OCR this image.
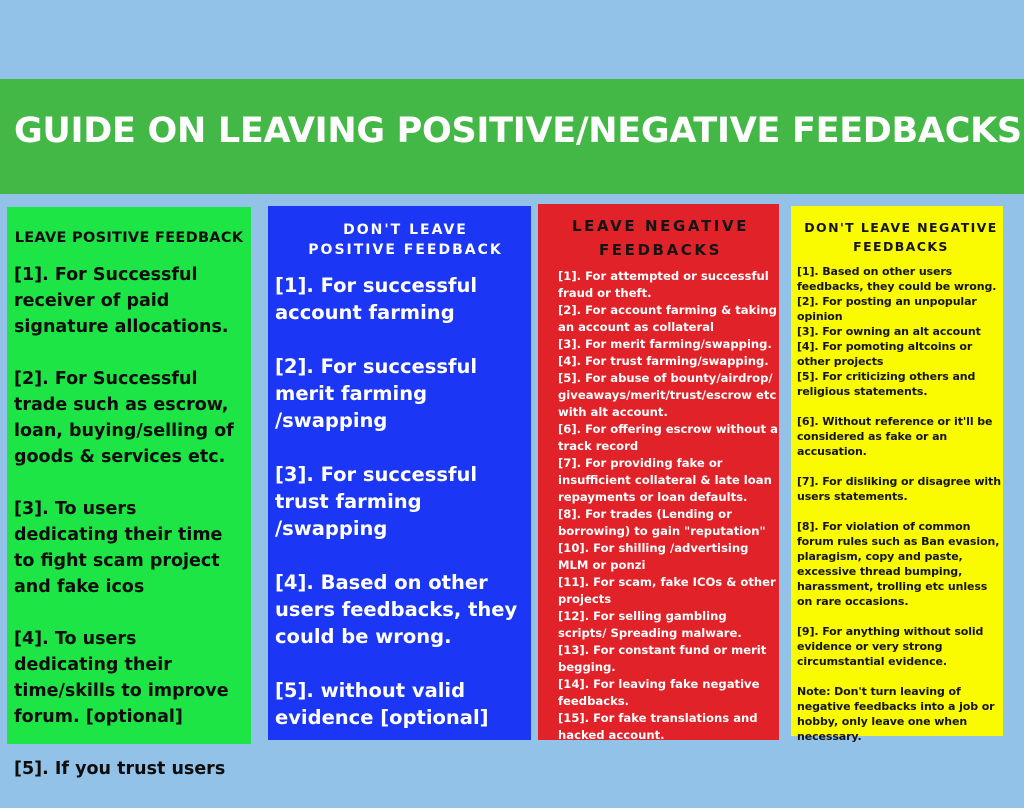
GUIDE ON LEAVING POSITIVE/NEGATIVE FEEDBACKS
LEAVE POSITIVE FEEDBACK

[1]. For Successful receiver of paid signature allocations.

[2]. For Successful trade such as escrow, loan, buying/selling of goods & services etc.

[3]. To users dedicating their time to fight scam project and fake icos

[4]. To users dedicating their time/skills to improve forum. [optional]

[5]. If you trust users

DON'T LEAVE
POSITIVE FEEDBACK

[1]. For successful account farming

[2]. For successful merit farming /swapping

[3]. For successful trust farming /swapping

[4]. Based on other users feedbacks, they could be wrong.

[5]. without valid evidence [optional]

LEAVE NEGATIVE
FEEDBACKS

[1]. For attempted or successful fraud or theft.

[2]. For account farming & taking an account as collateral

[3]. For merit farming/swapping.

[4]. For trust farming/swapping.

[5]. For abuse of bounty/airdrop/ giveaways/merit/trust/escrow etc with alt account.

[6]. For offering escrow without a track record

[7]. For providing fake or insufficient collateral & late loan repayments or loan defaults.

[8]. For trades (Lending or borrowing) to gain "reputation"

[10]. For shilling /advertising MLM or ponzi

[11]. For scam, fake ICOs & other projects

[12]. For selling gambling scripts/ Spreading malware.

[13]. For constant fund or merit begging.

[14]. For leaving fake negative feedbacks.

[15]. For fake translations and hacked account.

DON'T LEAVE NEGATIVE
FEEDBACKS

[1]. Based on other users feedbacks, they could be wrong.

[2]. For posting an unpopular opinion

[3]. For owning an alt account

[4]. For pomoting altcoins or other projects

[5]. For criticizing others and religious statements.

[6]. Without reference or it'll be considered as fake or an accusation.

[7]. For disliking or disagree with users statements.

[8]. For violation of common forum rules such as Ban evasion, plaragism, copy and paste, excessive thread bumping, harassment, trolling etc unless on rare occasions.

[9]. For anything without solid evidence or very strong circumstantial evidence.

Note: Don't turn leaving of negative feedbacks into a job or hobby, only leave one when necessary.
